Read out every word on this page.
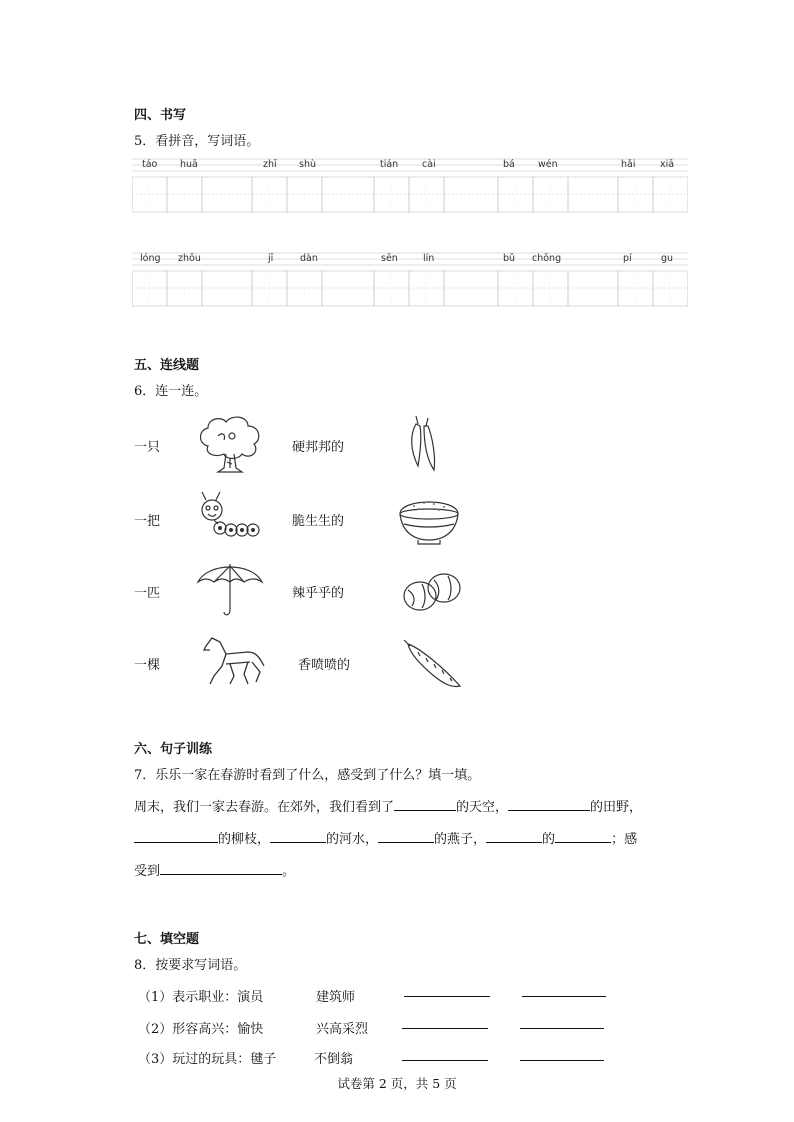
四、书写
5．看拼音，写词语。
táo huā	zhī shù	tián	cài	bá wén	hǎi	xiā
lóng zhōu	jī	dàn	sēn	lín	bǔ chōng	pí	gu
五、连线题
6．连一连。
一只
一把
一匹
一棵
硬邦邦的
脆生生的
辣乎乎的
香喷喷的
六、句子训练
7．乐乐一家在春游时看到了什么，感受到了什么？填一填。
周末，我们一家去春游。在郊外，我们看到了	的天空，	的田野，
的柳枝，	的河水，	的燕子，	的	；感
受到	。
七、填空题
8．按要求写词语。
（1）表示职业：演员	建筑师
（2）形容高兴：愉快	兴高采烈
（3）玩过的玩具：毽子	不倒翁
试卷第 2 页，共 5 页
